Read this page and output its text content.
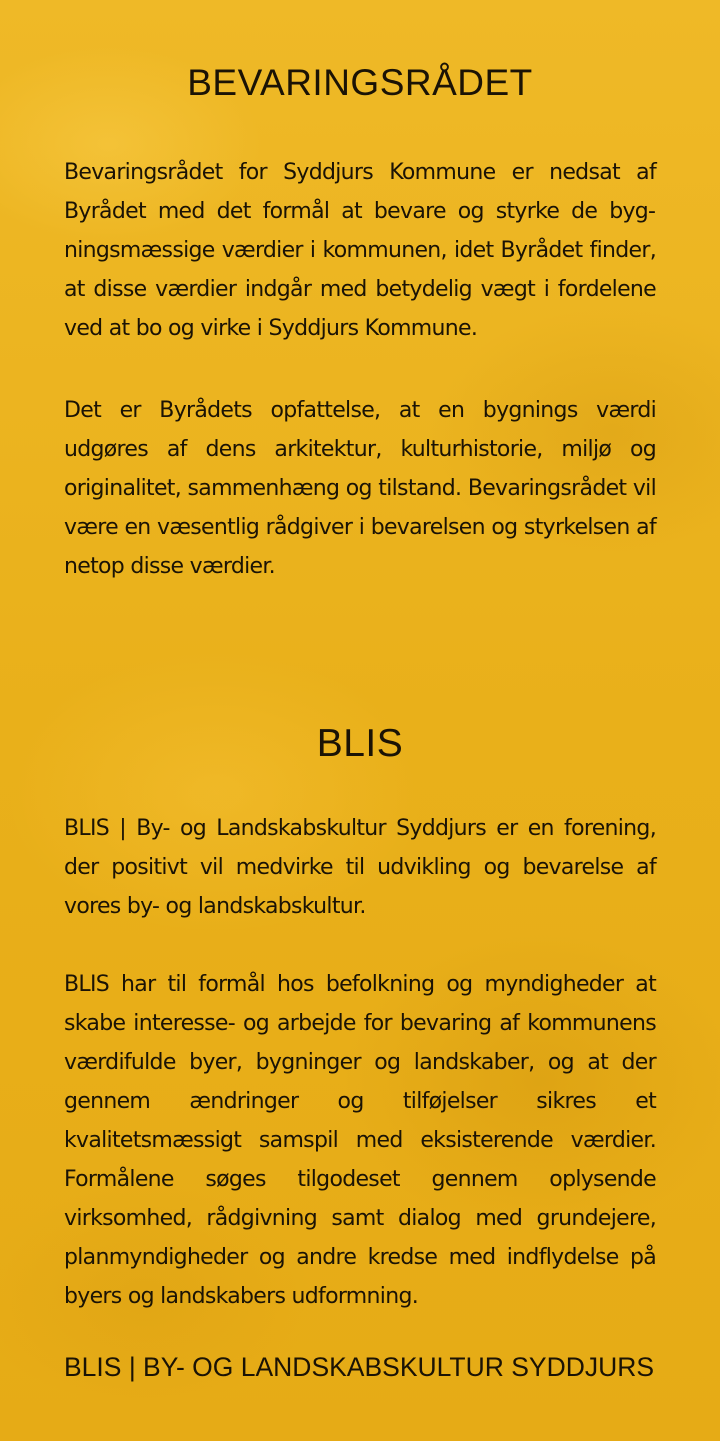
BEVARINGSRÅDET

Bevaringsrådet for Syddjurs Kommune er nedsat af Byrådet med det formål at bevare og styrke de bygningsmæssige værdier i kommunen, idet Byrådet finder, at disse værdier indgår med betydelig vægt i fordelene ved at bo og virke i Syddjurs Kommune.

Det er Byrådets opfattelse, at en bygnings værdi udgøres af dens arkitektur, kulturhistorie, miljø og originalitet, sammenhæng og tilstand. Bevaringsrådet vil være en væsentlig rådgiver i bevarelsen og styrkelsen af netop disse værdier.

BLIS

BLIS | By- og Landskabskultur Syddjurs er en forening, der positivt vil medvirke til udvikling og bevarelse af vores by- og landskabskultur.

BLIS har til formål hos befolkning og myndigheder at skabe interesse- og arbejde for bevaring af kommunens værdifulde byer, bygninger og landskaber, og at der gennem ændringer og tilføjelser sikres et kvalitetsmæssigt samspil med eksisterende værdier. Formålene søges tilgodeset gennem oplysende virksomhed, rådgivning samt dialog med grundejere, planmyndigheder og andre kredse med indflydelse på byers og landskabers udformning.

BLIS | BY- OG LANDSKABSKULTUR SYDDJURS
